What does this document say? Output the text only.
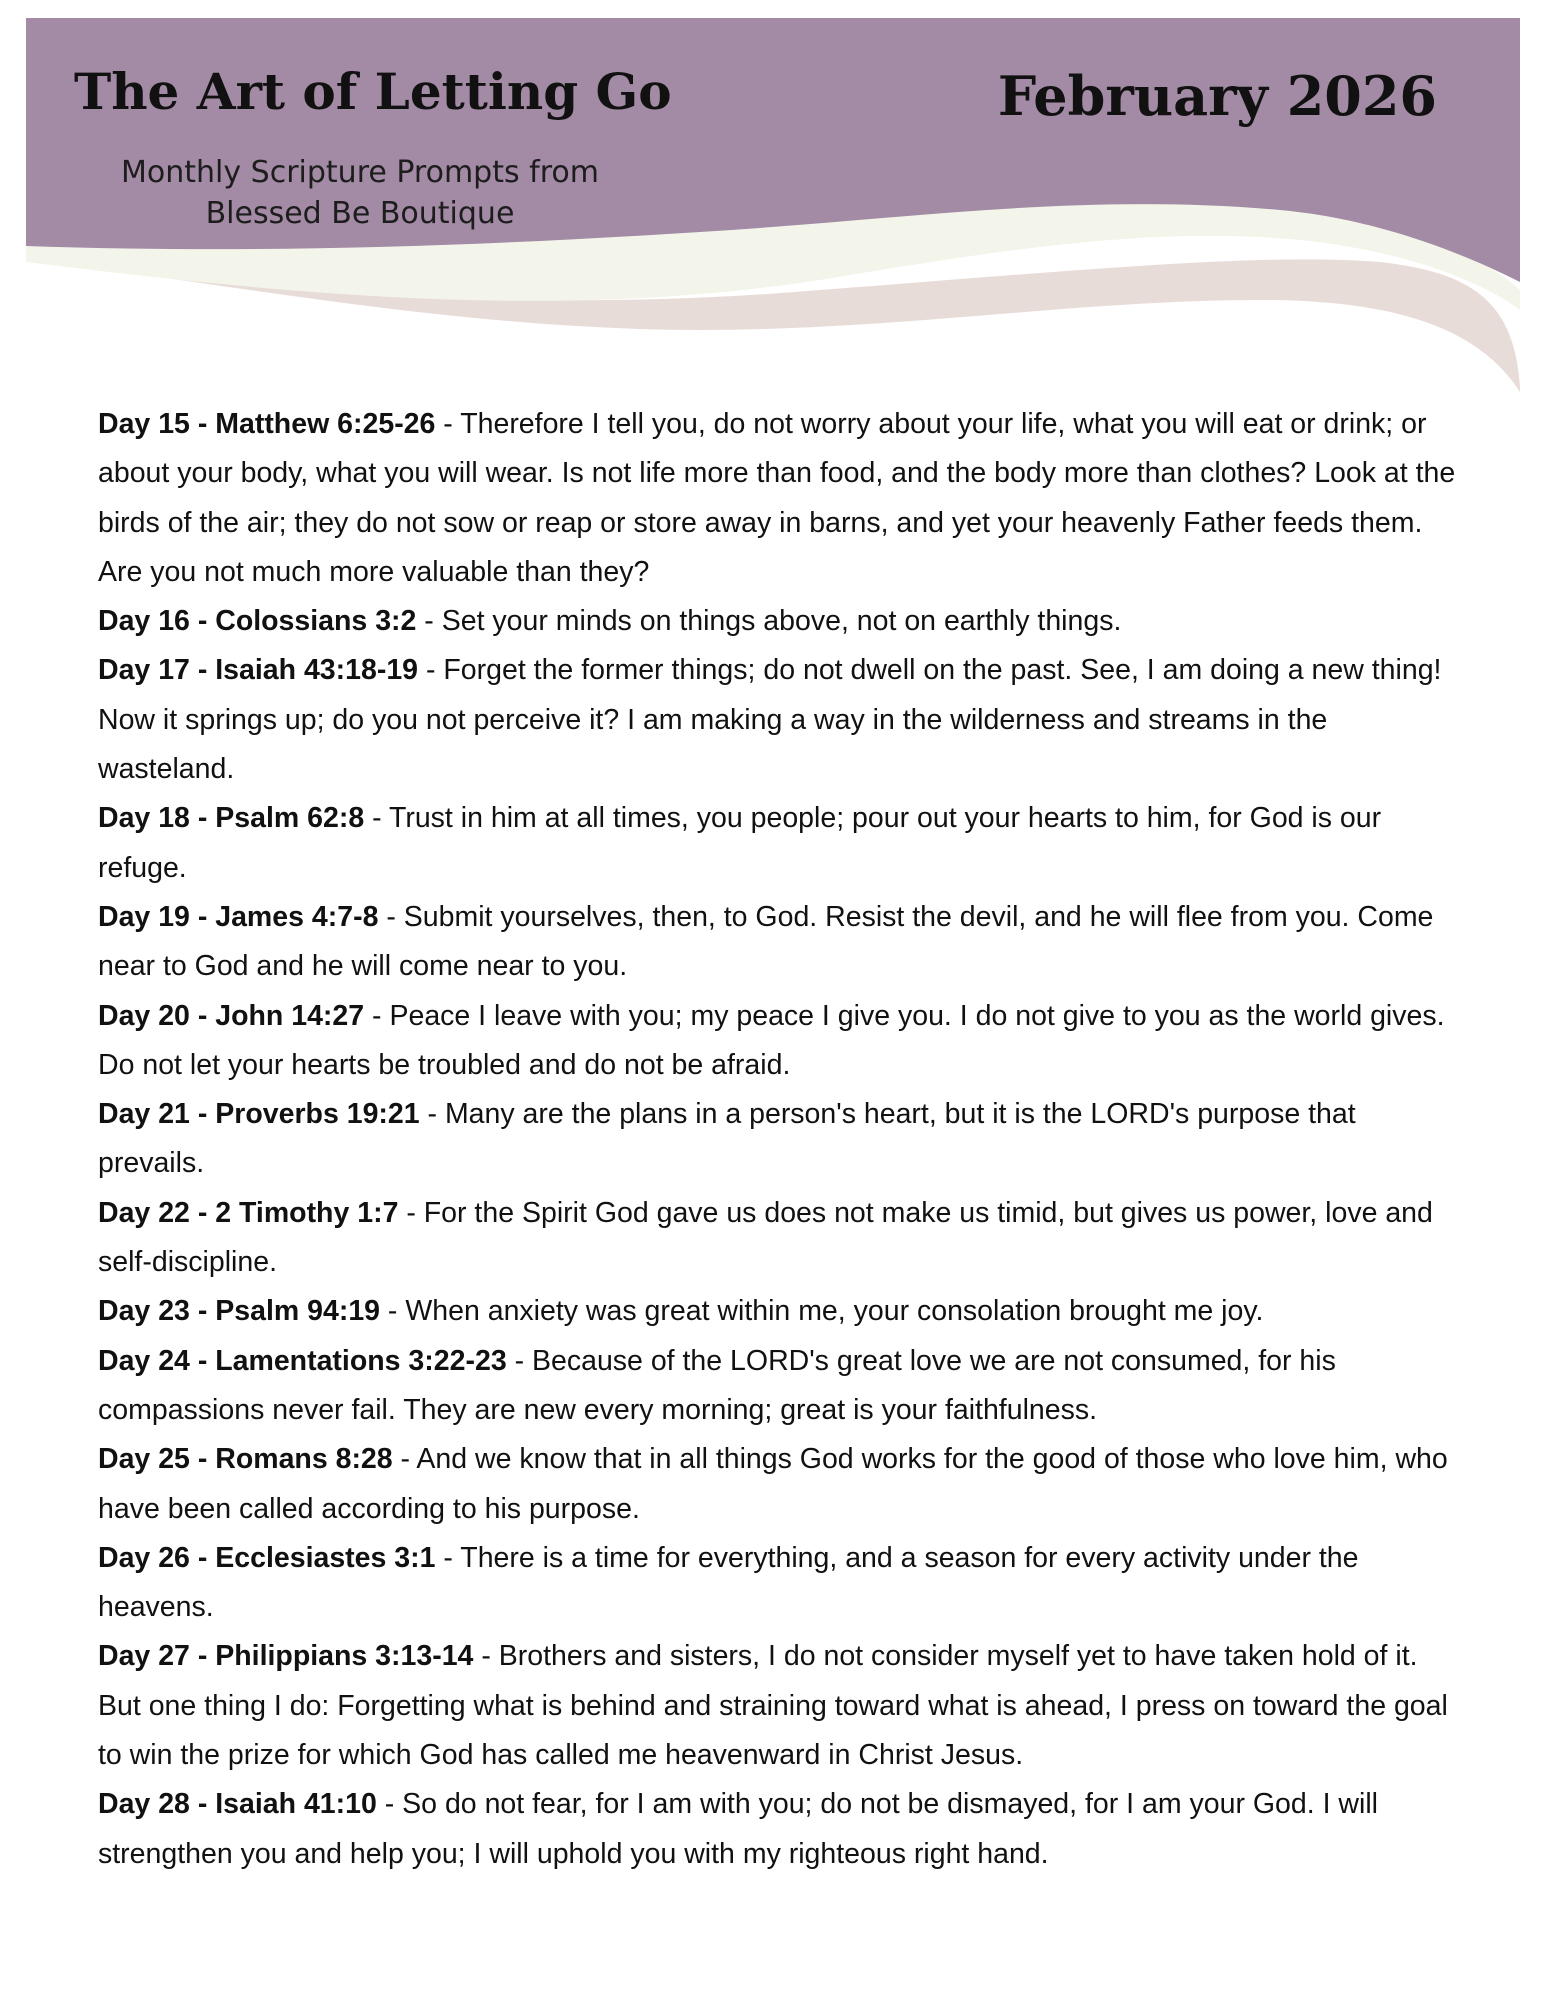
The Art of Letting Go	February 2026
Monthly Scripture Prompts from
Blessed Be Boutique

Day 15 - Matthew 6:25-26 - Therefore I tell you, do not worry about your life, what you will eat or drink; or about your body, what you will wear. Is not life more than food, and the body more than clothes? Look at the birds of the air; they do not sow or reap or store away in barns, and yet your heavenly Father feeds them. Are you not much more valuable than they?

Day 16 - Colossians 3:2 - Set your minds on things above, not on earthly things.

Day 17 - Isaiah 43:18-19 - Forget the former things; do not dwell on the past. See, I am doing a new thing! Now it springs up; do you not perceive it? I am making a way in the wilderness and streams in the wasteland.

Day 18 - Psalm 62:8 - Trust in him at all times, you people; pour out your hearts to him, for God is our refuge.

Day 19 - James 4:7-8 - Submit yourselves, then, to God. Resist the devil, and he will flee from you. Come near to God and he will come near to you.

Day 20 - John 14:27 - Peace I leave with you; my peace I give you. I do not give to you as the world gives. Do not let your hearts be troubled and do not be afraid.

Day 21 - Proverbs 19:21 - Many are the plans in a person's heart, but it is the LORD's purpose that prevails.

Day 22 - 2 Timothy 1:7 - For the Spirit God gave us does not make us timid, but gives us power, love and self-discipline.

Day 23 - Psalm 94:19 - When anxiety was great within me, your consolation brought me joy.

Day 24 - Lamentations 3:22-23 - Because of the LORD's great love we are not consumed, for his compassions never fail. They are new every morning; great is your faithfulness.

Day 25 - Romans 8:28 - And we know that in all things God works for the good of those who love him, who have been called according to his purpose.

Day 26 - Ecclesiastes 3:1 - There is a time for everything, and a season for every activity under the heavens.

Day 27 - Philippians 3:13-14 - Brothers and sisters, I do not consider myself yet to have taken hold of it. But one thing I do: Forgetting what is behind and straining toward what is ahead, I press on toward the goal to win the prize for which God has called me heavenward in Christ Jesus.

Day 28 - Isaiah 41:10 - So do not fear, for I am with you; do not be dismayed, for I am your God. I will strengthen you and help you; I will uphold you with my righteous right hand.
